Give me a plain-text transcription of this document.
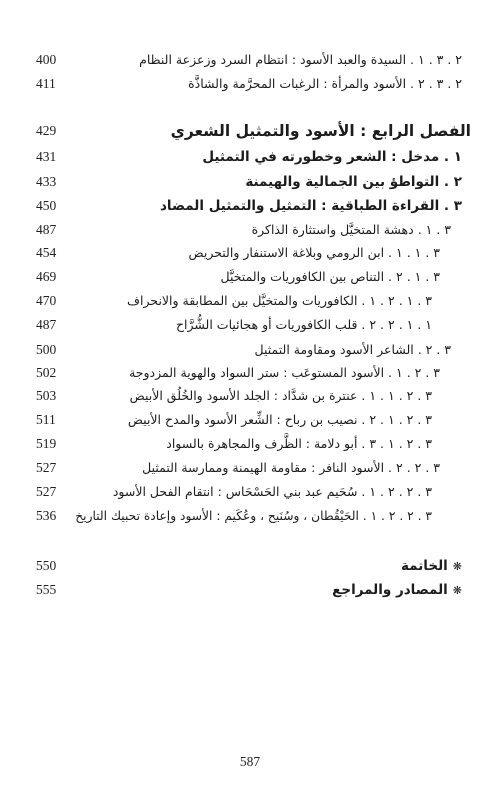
٢ . ٣ . ١ . السيدة والعبد الأسود : انتظام السرد وزعزعة النظام
400
٢ . ٣ . ٢ . الأسود والمرأة : الرغبات المحرَّمة والشاذَّة
411
الفصل الرابع : الأسود والتمثيل الشعري
429
١ . مدخل : الشعر وخطورته في التمثيل
431
٢ . التواطؤ بين الجمالية والهيمنة
433
٣ . القراءة الطباقية : التمثيل والتمثيل المضاد
450
٣ . ١ . دهشة المتخيَّل واستثارة الذاكرة
487
٣ . ١ . ١ . ابن الرومي وبلاغة الاستنفار والتحريض
454
٣ . ١ . ٢ . التناص بين الكافوريات والمتخيَّل
469
٣ . ١ . ٢ . ١ . الكافوريات والمتخيَّل بين المطابقة والانحراف
470
١ . ١ . ٢ . ٢ . قلب الكافوريات أو هجائيات الشُّرَّاح
487
٣ . ٢ . الشاعر الأسود ومقاومة التمثيل
500
٣ . ٢ . ١ . الأسود المستوعَب : ستر السواد والهوية المزدوجة
502
٣ . ٢ . ١ . ١ . عنترة بن شدَّاد : الجلد الأسود والخُلُق الأبيض
503
٣ . ٢ . ١ . ٢ . نصيب بن رباح : الشِّعر الأسود والمدح الأبيض
511
٣ . ٢ . ١ . ٣ . أبو دلامة : الظَّرف والمجاهرة بالسواد
519
٣ . ٢ . ٢ . الأسود النافر : مقاومة الهيمنة وممارسة التمثيل
527
٣ . ٢ . ٢ . ١ . سُحَيم عبد بني الحَسْحَاس : انتقام الفحل الأسود
527
٣ . ٢ . ٢ . ١ . الحَيْقُطان ، وسُنَيح ، وعُكَيم : الأسود وإعادة تحبيك التاريخ
536
❋الخاتمة
550
❋المصادر والمراجع
555
587
